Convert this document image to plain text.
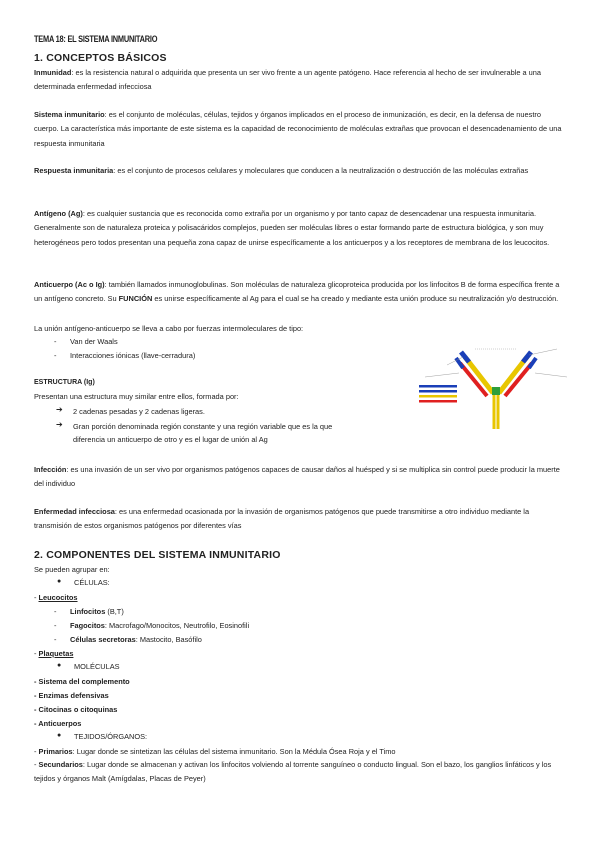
TEMA 18: EL SISTEMA INMUNITARIO
1. CONCEPTOS BÁSICOS
Inmunidad: es la resistencia natural o adquirida que presenta un ser vivo frente a un agente patógeno. Hace referencia al hecho de ser invulnerable a una determinada enfermedad infecciosa
Sistema inmunitario: es el conjunto de moléculas, células, tejidos y órganos implicados en el proceso de inmunización, es decir, en la defensa de nuestro cuerpo. La característica más importante de este sistema es la capacidad de reconocimiento de moléculas extrañas que provocan el desencadenamiento de una respuesta inmunitaria
Respuesta inmunitaria: es el conjunto de procesos celulares y moleculares que conducen a la neutralización o destrucción de las moléculas extrañas
Antígeno (Ag): es cualquier sustancia que es reconocida como extraña por un organismo y por tanto capaz de desencadenar una respuesta inmunitaria. Generalmente son de naturaleza proteica y polisacáridos complejos, pueden ser moléculas libres o estar formando parte de estructura biológica, y son muy heterogéneos pero todos presentan una pequeña zona capaz de unirse específicamente a los anticuerpos y a los receptores de membrana de los leucocitos.
Anticuerpo (Ac o Ig): también llamados inmunoglobulinas. Son moléculas de naturaleza glicoproteica producida por los linfocitos B de forma específica frente a un antígeno concreto. Su FUNCIÓN es unirse específicamente al Ag para el cual se ha creado y mediante esta unión produce su neutralización y/o destrucción.
La unión antígeno-anticuerpo se lleva a cabo por fuerzas intermoleculares de tipo:
- Van der Waals
- Interacciones iónicas (llave-cerradura)
ESTRUCTURA (Ig)
Presentan una estructura muy similar entre ellos, formada por:
➔ 2 cadenas pesadas y 2 cadenas ligeras.
➔ Gran porción denominada región constante y una región variable que es la que
diferencia un anticuerpo de otro y es el lugar de unión al Ag
Infección: es una invasión de un ser vivo por organismos patógenos capaces de causar daños al huésped y si se multiplica sin control puede producir la muerte del individuo
Enfermedad infecciosa: es una enfermedad ocasionada por la invasión de organismos patógenos que puede transmitirse a otro individuo mediante la transmisión de estos organismos patógenos por diferentes vías
2. COMPONENTES DEL SISTEMA INMUNITARIO
Se pueden agrupar en:
● CÉLULAS:
- Leucocitos
- Linfocitos (B,T)
- Fagocitos: Macrofago/Monocitos, Neutrofilo, Eosinofili
- Células secretoras: Mastocito, Basófilo
- Plaquetas
● MOLÉCULAS
- Sistema del complemento
- Enzimas defensivas
- Citocinas o citoquinas
- Anticuerpos
● TEJIDOS/ÓRGANOS:
- Primarios: Lugar donde se sintetizan las células del sistema inmunitario. Son la Médula Ósea Roja y el Timo
- Secundarios: Lugar donde se almacenan y activan los linfocitos volviendo al torrente sanguíneo o conducto lingual. Son el bazo, los ganglios linfáticos y los tejidos y órganos Malt (Amígdalas, Placas de Peyer)
